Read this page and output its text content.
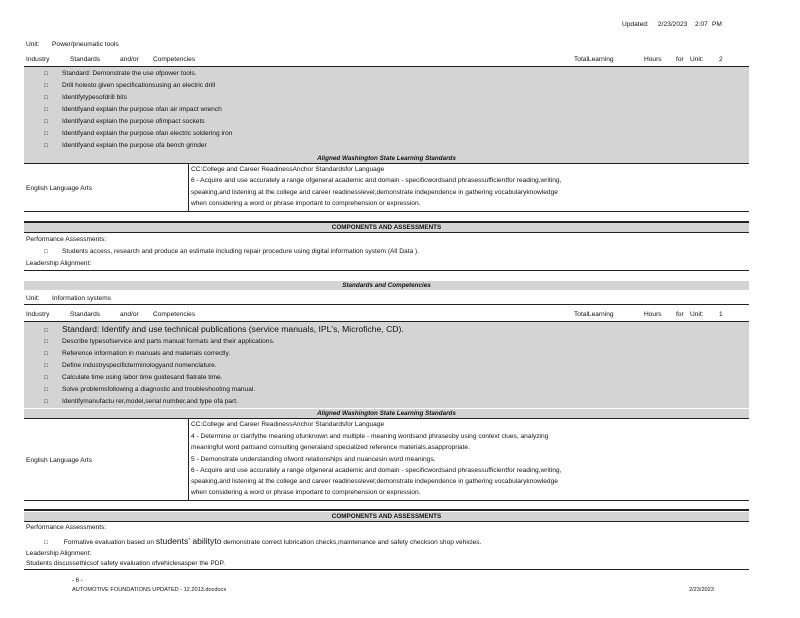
Updated: 2/23/2023 2:07 PM
Unit: Power/pneumatic tools
Industry	Standards	and/or Competencies	TotalLearning	Hours for Unit: 2
□ Standard: Demonstrate the use ofpower tools.
□ Drill holesto given specificationsusing an electric drill
□ Identifytypesofdrill bits
□ Identifyand explain the purpose ofan air impact wrench
□ Identifyand explain the purpose ofimpact sockets
□ Identifyand explain the purpose ofan electric soldering iron
□ Identifyand explain the purpose ofa bench grinder
Aligned Washington State Learning Standards
English Language Arts
CC:College and Career ReadinessAnchor Standardsfor Language
6 - Acquire and use accurately a range ofgeneral academic and domain - specificwordsand phrasessufficientfor reading,writing,
speaking,and listening at the college and career readinesslevel;demonstrate independence in gathering vocabularyknowledge
when considering a word or phrase important to comprehension or expression.
COMPONENTS AND ASSESSMENTS
Performance Assessments:
□ Students access, research and produce an estimate including repair procedure using digital information system (All Data ).
Leadership Alignment:
Standards and Competencies
Unit: Information systems
Industry	Standards	and/or Competencies	TotalLearning	Hours for Unit: 1
□ Standard: Identify and use technical publications (service manuals, IPL's, Microfiche, CD).
□ Describe typesofservice and parts manual formats and their applications.
□ Reference information in manuals and materials correctly.
□ Define industryspecificterminologyand nomenclature.
□ Calculate time using labor time guidesand flatrate time.
□ Solve problemsfollowing a diagnostic and troubleshooting manual.
□ Identifymanufactu rer,model,serial number,and type ofa part.
Aligned Washington State Learning Standards
English Language Arts
CC:College and Career ReadinessAnchor Standardsfor Language
4 - Determine or clarifythe meaning ofunknown and multiple - meaning wordsand phrasesby using context clues, analyzing
meaningful word partsand consulting generaland specialized reference materials,asappropriate.
5 - Demonstrate understanding ofword relationships and nuancesin word meanings.
6 - Acquire and use accurately a range ofgeneral academic and domain - specificwordsand phrasessufficientfor reading,writing,
speaking,and listening at the college and career readinesslevel;demonstrate independence in gathering vocabularyknowledge
when considering a word or phrase important to comprehension or expression.
COMPONENTS AND ASSESSMENTS
Performance Assessments:
□ Formative evaluation based on students' abilityto demonstrate correct lubrication checks,maintenance and safety checkson shop vehicles.
Leadership Alignment:
Students discussethicsof safety evaluation ofvehiclesasper the PDP.
- 6 -
AUTOMOTIVE FOUNDATIONS UPDATED - 12.2013.docdocx	2/23/2023
